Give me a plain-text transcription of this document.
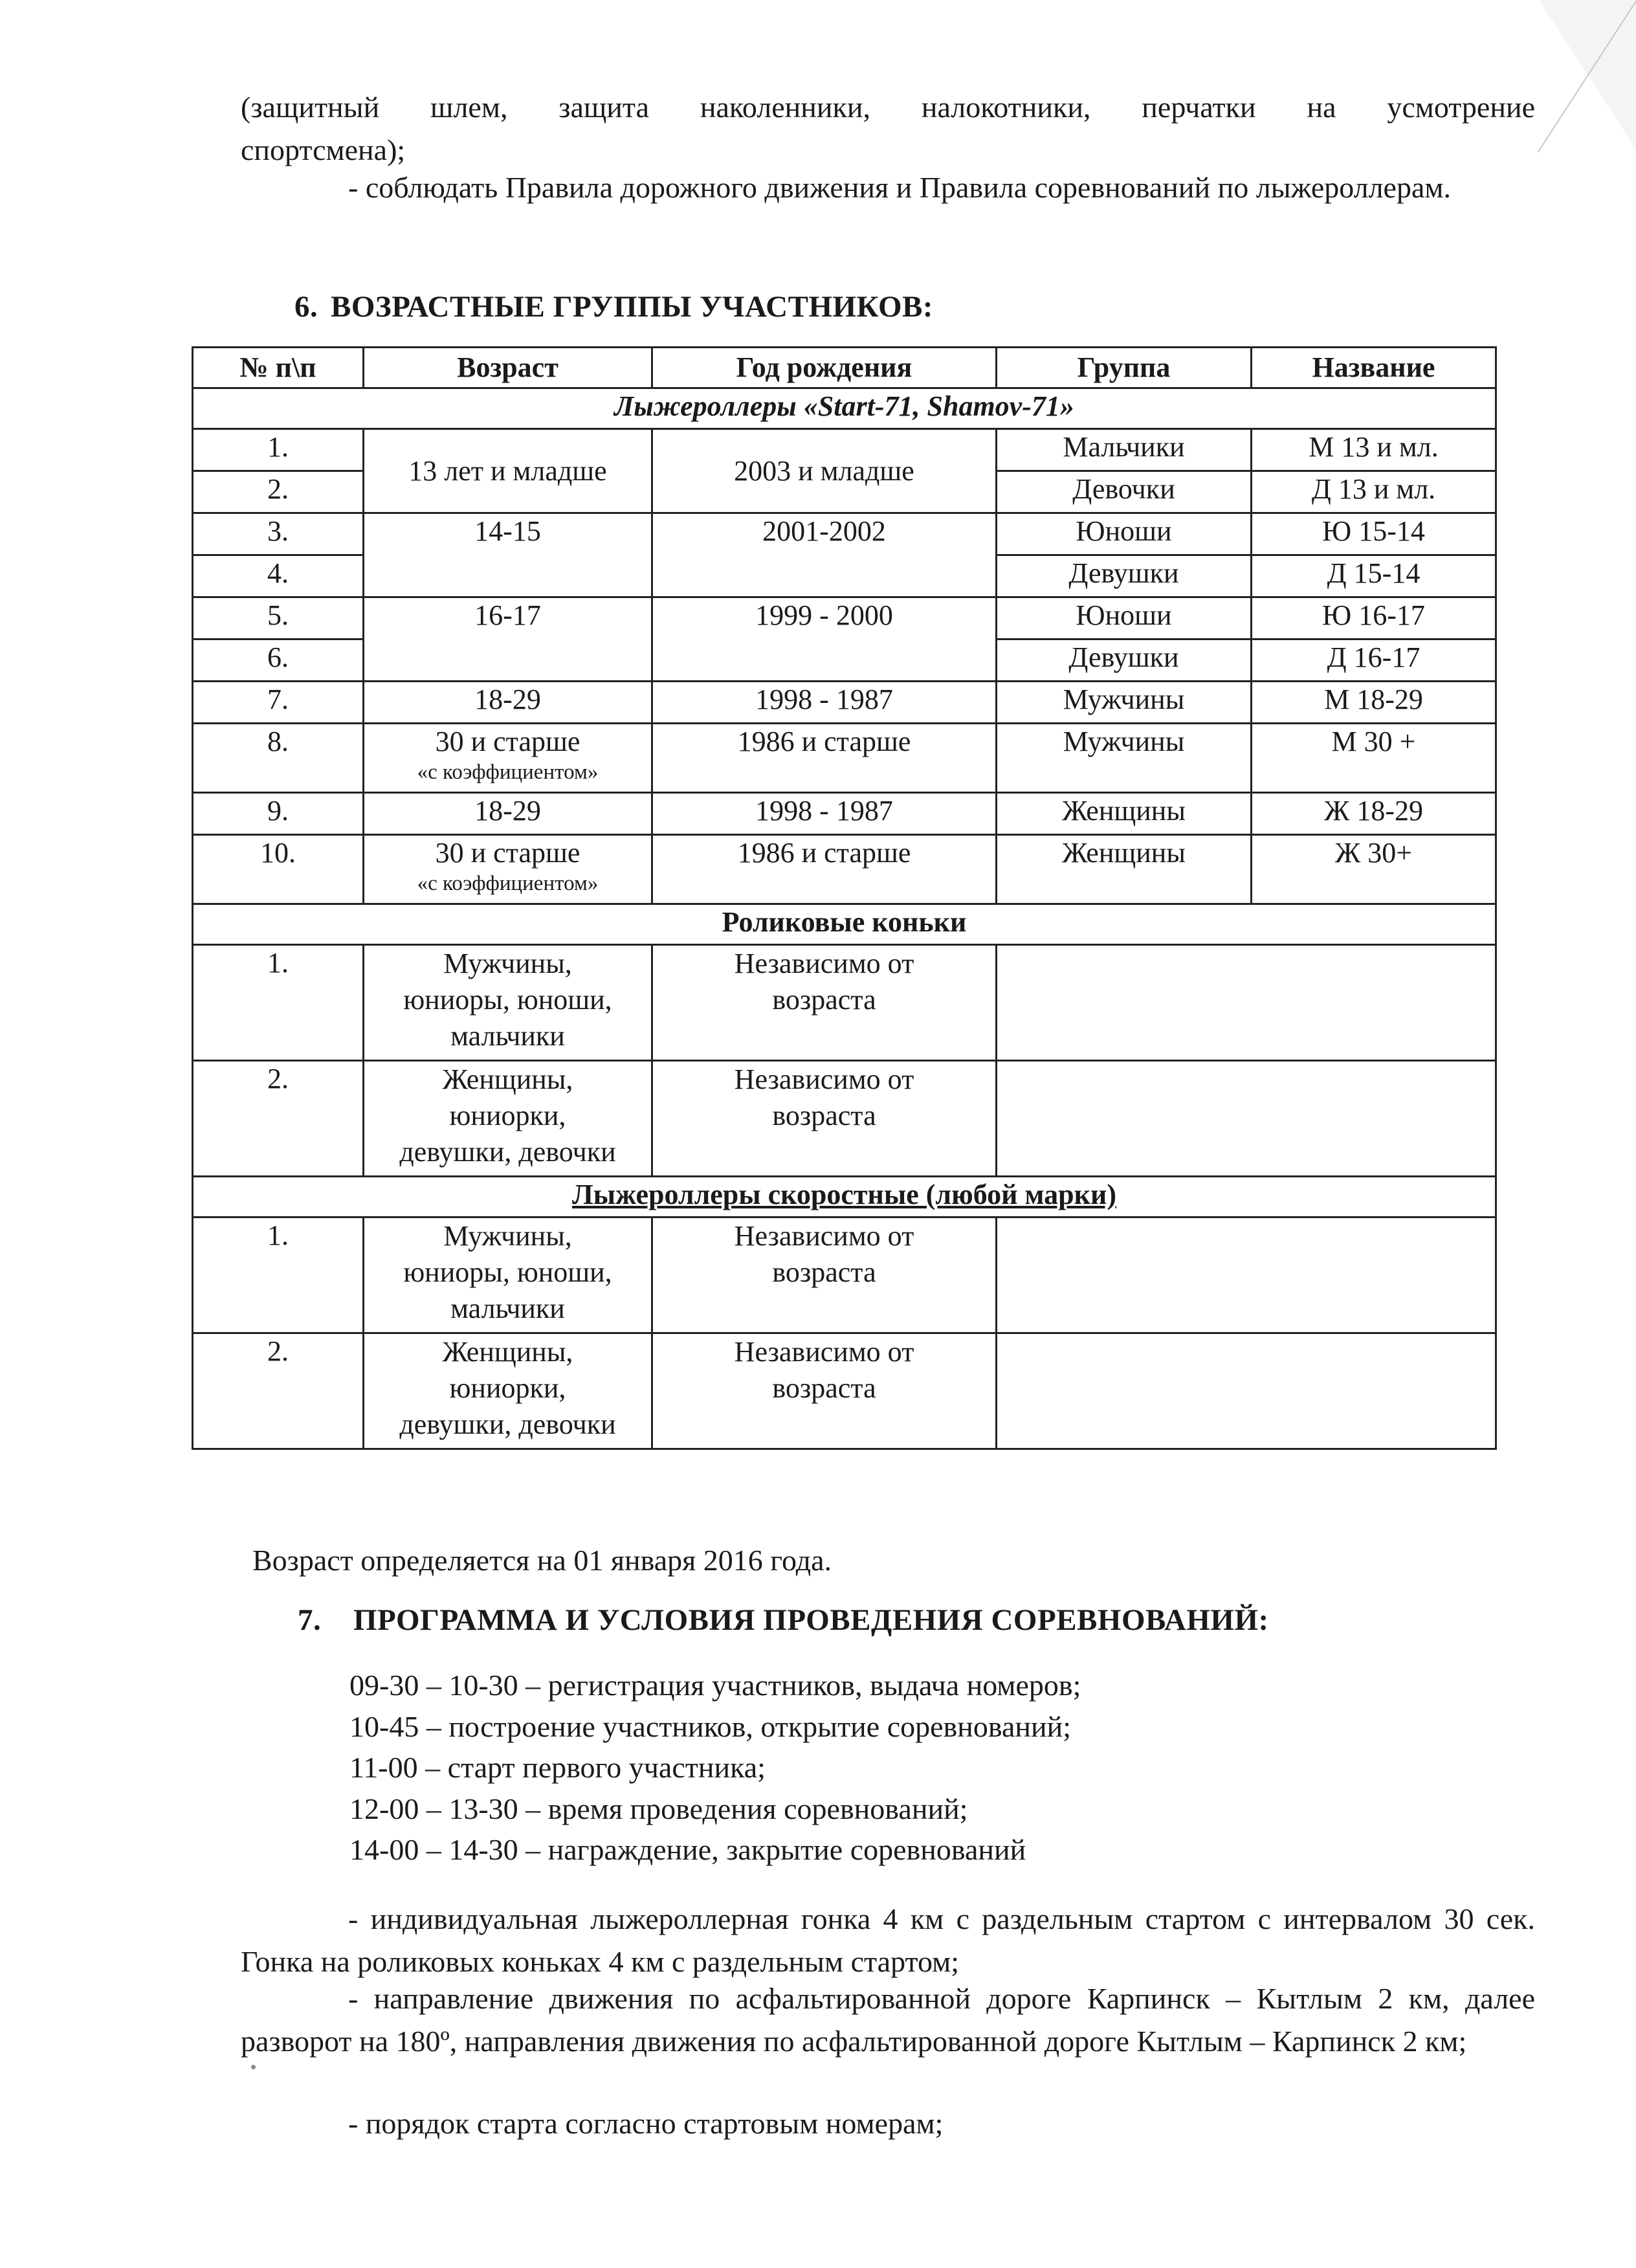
(защитный шлем, защита наколенники, налокотники, перчатки на усмотрение
спортсмена);
- соблюдать Правила дорожного движения и Правила соревнований по лыжероллерам.
6. ВОЗРАСТНЫЕ ГРУППЫ УЧАСТНИКОВ:
№ п\п	Возраст	Год рождения	Группа	Название
Лыжероллеры «Start-71, Shamov-71»				
1.	13 лет и младше	2003 и младше	Мальчики	М 13 и мл.
2.			Девочки	Д 13 и мл.
3.	14-15	2001-2002	Юноши	Ю 15-14
4.			Девушки	Д 15-14
5.	16-17	1999 - 2000	Юноши	Ю 16-17
6.			Девушки	Д 16-17
7.	18-29	1998 - 1987	Мужчины	М 18-29
8.	30 и старше
«с коэффициентом»	1986 и старше	Мужчины	М 30 +
9.	18-29	1998 - 1987	Женщины	Ж 18-29
10.	30 и старше
«с коэффициентом»	1986 и старше	Женщины	Ж 30+
Роликовые коньки				
1.	Мужчины,
юниоры, юноши,
мальчики	Независимо от
возраста		
2.	Женщины,
юниорки,
девушки, девочки	Независимо от
возраста		
Лыжероллеры скоростные (любой марки)				
1.	Мужчины,
юниоры, юноши,
мальчики	Независимо от
возраста		
2.	Женщины,
юниорки,
девушки, девочки	Независимо от
возраста		
Возраст определяется на 01 января 2016 года.
7. ПРОГРАММА И УСЛОВИЯ ПРОВЕДЕНИЯ СОРЕВНОВАНИЙ:
09-30 – 10-30 – регистрация участников, выдача номеров;
10-45 – построение участников, открытие соревнований;
11-00 – старт первого участника;
12-00 – 13-30 – время проведения соревнований;
14-00 – 14-30 – награждение, закрытие соревнований
- индивидуальная лыжероллерная гонка 4 км с раздельным стартом с интервалом 30 сек. Гонка на роликовых коньках 4 км с раздельным стартом;
- направление движения по асфальтированной дороге Карпинск – Кытлым 2 км, далее разворот на 180º, направления движения по асфальтированной дороге Кытлым – Карпинск 2 км;
- порядок старта согласно стартовым номерам;
